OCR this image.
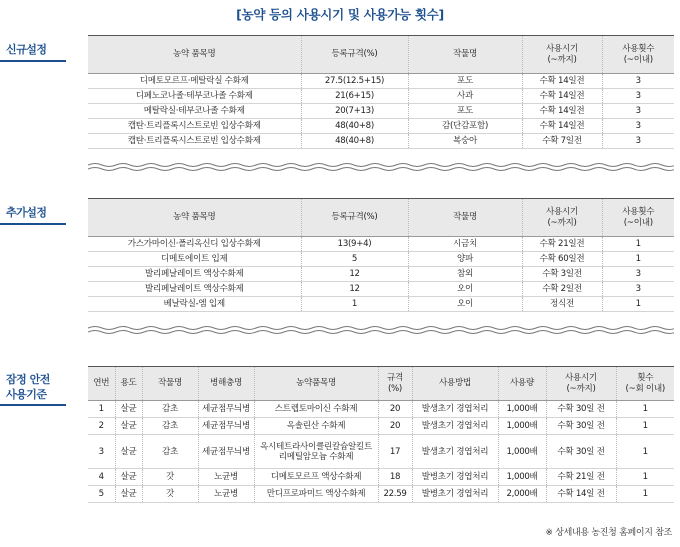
[농약 등의 사용시기 및 사용가능 횟수]
신규설정	농약 품목명	등록규격(%)	작물명	사용시기
(~까지)	사용횟수
(~이내)
디메토모르프·메탈락실 수화제	27.5(12.5+15)	포도	수확 14일전	3
디페노코나졸·테부코나졸 수화제	21(6+15)	사과	수확 14일전	3
메탈락실·테부코나졸 수화제	20(7+13)	포도	수확 14일전	3
캡탄·트리플록시스트로빈 입상수화제	48(40+8)	감(단감포함)	수확 14일전	3
캡탄·트리플록시스트로빈 입상수화제	48(40+8)	복숭아	수확 7일전	3
추가설정	농약 품목명	등록규격(%)	작물명	사용시기
(~까지)	사용횟수
(~이내)
가스가마이신·폴리옥신디 입상수화제	13(9+4)	시금치	수확 21일전	1
디메토에이트 입제	5	양파	수확 60일전	1
발리페날레이트 액상수화제	12	참외	수확 3일전	3
발리페날레이트 액상수화제	12	오이	수확 2일전	3
베날락실-엠 입제	1	오이	정식전	1
잠정 안전
사용기준
연번	용도	작물명	병해충명	농약품목명	규격(%)	사용방법	사용량	사용시기
(~까지)	횟수
(~회 이내)
1	살균	감초	세균점무늬병	스트렙토마이신 수화제	20	발생초기 경엽처리	1,000배	수확 30일 전	1
2	살균	감초	세균점무늬병	옥솔린산 수화제	20	발생초기 경엽처리	1,000배	수확 30일 전	1
3	살균	감초	세균점무늬병	옥시테트라사이클린칼슘알킬트리메틸암모늄 수화제	17	발생초기 경엽처리	1,000배	수확 30일 전	1
4	살균	갓	노균병	디메토모르프 액상수화제	18	발병초기 경엽처리	1,000배	수확 21일 전	1
5	살균	갓	노균병	만디프로파미드 액상수화제	22.59	발병초기 경엽처리	2,000배	수확 14일 전	1
※ 상세내용 농진청 홈페이지 참조
